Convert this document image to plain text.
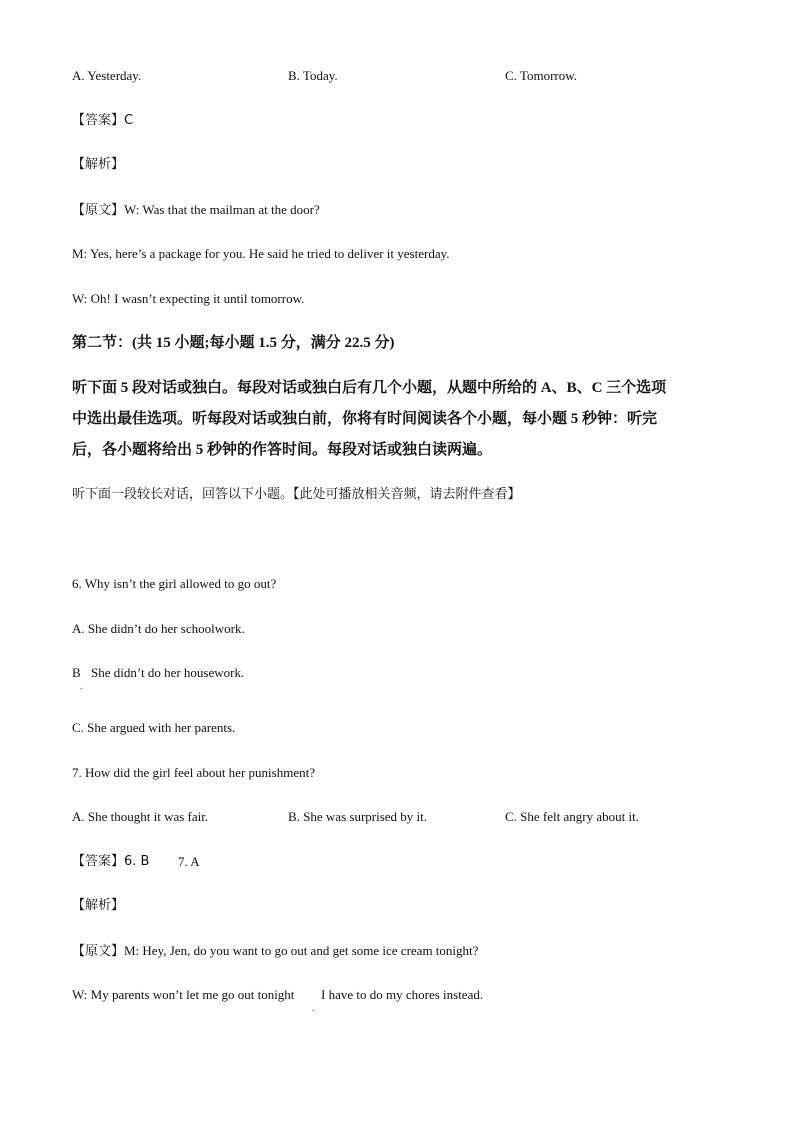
A. Yesterday.	B. Today.	C. Tomorrow.
【答案】C
【解析】
【原文】W: Was that the mailman at the door?
M: Yes, here’s a package for you. He said he tried to deliver it yesterday.
W: Oh! I wasn’t expecting it until tomorrow.
第二节：(共 15 小题;每小题 1.5 分，满分 22.5 分)
听下面 5 段对话或独白。每段对话或独白后有几个小题，从题中所给的 A、B、C 三个选项
中选出最佳选项。听每段对话或独白前，你将有时间阅读各个小题，每小题 5 秒钟：听完
后，各小题将给出 5 秒钟的作答时间。每段对话或独白读两遍。
听下面一段较长对话，回答以下小题。【此处可播放相关音频，请去附件查看】
6. Why isn’t the girl allowed to go out?
A. She didn’t do her schoolwork.
B
.
She didn’t do her housework.
C. She argued with her parents.
7. How did the girl feel about her punishment?
A. She thought it was fair.	B. She was surprised by it.	C. She felt angry about it.
【答案】6. B 7. A
【解析】
【原文】M: Hey, Jen, do you want to go out and get some ice cream tonight?
W: My parents won’t let me go out tonight
.
I have to do my chores instead.
